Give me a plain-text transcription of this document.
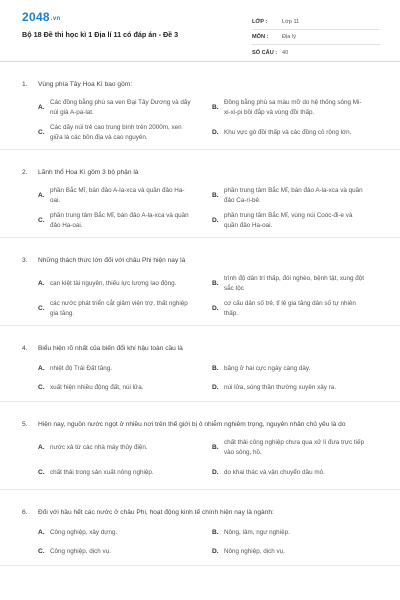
2048.vn
Bộ 18 Đề thi học kì 1 Địa lí 11 có đáp án - Đề 3
LỚP :	Lớp 11
MÔN :	Địa lý
SỐ CÂU : 40
1.	Vùng phía Tây Hoa Kì bao gồm:
A.
Các đồng bằng phù sa ven Đại Tây Dương và dãy núi già A-pa-lat.
B.
Đồng bằng phù sa màu mỡ do hệ thống sông Mi-xi-xi-pi bồi đắp và vùng đồi thấp.
C.
Các dãy núi trẻ cao trung bình trên 2000m, xen giữa là các bồn địa và cao nguyên.
D. Khu vực gò đồi thấp và các đồng cỏ rộng lớn.
2.	Lãnh thổ Hoa Kì gồm 3 bộ phận là
A.
phần Bắc Mĩ, bán đảo A-la-xca và quần đảo Ha-oai.
B.
phần trung tâm Bắc Mĩ, bán đảo A-la-xca và quần đảo Ca-ri-bê.
C.
phần trung tâm Bắc Mĩ, bán đảo A-la-xca và quần đảo Ha-oai.
D.
phần trung tâm Bắc Mĩ, vùng núi Coóc-đi-e và quần đảo Ha-oai.
3.	Những thách thức lớn đối với châu Phi hiện nay là
A. cạn kiệt tài nguyên, thiếu lực lượng lao động.	B.
trình độ dân trí thấp, đói nghèo, bệnh tật, xung đột sắc tộc
C.
các nước phát triển cắt giảm viện trợ, thất nghiệp gia tăng.
D.
cơ cấu dân số trẻ, tỉ lệ gia tăng dân số tự nhiên thấp.
4.	Biểu hiện rõ nhất của biến đổi khí hậu toàn cầu là
A. nhiệt độ Trái Đất tăng.	B. băng ở hai cực ngày càng dày.
C. xuất hiện nhiều động đất, núi lửa.	D. núi lửa, sóng thần thường xuyên xảy ra.
5.	Hiện nay, nguồn nước ngọt ở nhiều nơi trên thế giới bị ô nhiễm nghiêm trọng, nguyên nhân chủ yếu là do
A. nước xả từ các nhà máy thủy điện.	B.
chất thải công nghiệp chưa qua xử lí đưa trực tiếp vào sông, hồ.
C. chất thải trong sản xuất nông nghiệp.	D. do khai thác và vận chuyển dầu mỏ.
6.	Đối với hầu hết các nước ở châu Phi, hoạt động kinh tế chính hiện nay là ngành:
A. Công nghiệp, xây dựng.	B. Nông, lâm, ngư nghiệp.
C. Công nghiệp, dịch vụ.	D. Nông nghiệp, dịch vụ.
